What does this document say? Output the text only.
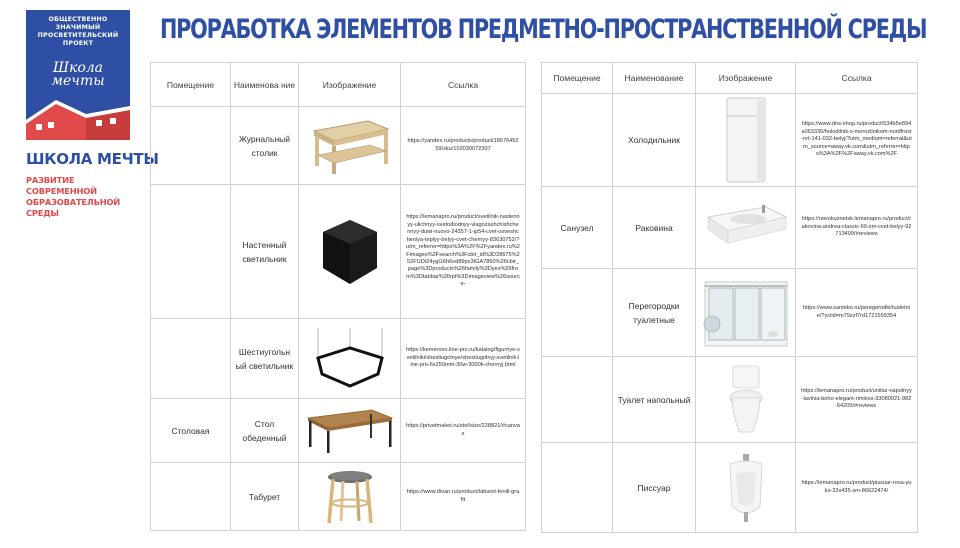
ОБЩЕСТВЕННО ЗНАЧИМЫЙ ПРОСВЕТИТЕЛЬСКИЙ ПРОЕКТ
Школа мечты
ШКОЛА МЕЧТЫ
РАЗВИТИЕ СОВРЕМЕННОЙ ОБРАЗОВАТЕЛЬНОЙ СРЕДЫ
ПРОРАБОТКА ЭЛЕМЕНТОВ ПРЕДМЕТНО-ПРОСТРАНСТВЕННОЙ СРЕДЫ
Помещение	Наименова ние	Изображение	Ссылка
	Журнальный столик		https://yandex.ru/products/product/1867645259/sku/102030072307
	Настенный светильник		https://lemanapro.ru/product/svetilnik-nastennyy-ulichnyy-svetodiodnyy-vlagozashchishchennyy-duwi-nuovo-24357-1-ip54-cvet-osveshcheniya-teplyy-belyy-cvet-chernyy-83630752/?utm_referrer=https%3A%2F%2Fyandex.ru%2Fimages%2Fsearch%3Fcbir_id%3D28675%252FUDt24ygG6h6od89px3IGA7860%26cbir_page%3Dproducts%26family%3Dyes%26from%3Dtabbar%26rpt%3Dimageview%26source-
	Шестиугольн ый светильник		https://kemerovo.line-pro.ru/katalog/figurnye-svetilniki/shestiugolnye/shestiugolnyj-svetilnik-line-pro-6x250mm-30w-3000k-chernyj.html
Столовая	Стол обеденный		https://privetmaket.ru/stol/size/228821/#canvas
	Табурет		https://www.divan.ru/product/taburet-fenili-grafit
Помещение	Наименование	Изображение	Ссылка
	Холодильник		https://www.dns-shop.ru/product/534b5e894a063330/holodilnik-s-morozilnikom-nordfrost-nrt-141-032-belyj/?utm_medium=referral&utm_source=away.vk.com&utm_referrer=https%3A%2F%2Faway.vk.com%2F
Санузел	Раковина		https://novokuznetsk.lemanapro.ru/product/rakovina-andrea-classic-60-sm-cvet-belyy-92713409/#reviews
	Перегородки туалетные		https://www.santeko.ru/peregorodki/tualetnie/?yclid=m79zzf7rd1721559354
	Туалет напольный		https://lemanapro.ru/product/unitaz-napolnyy-lavinia-boho-elegant-rimless-33080021-98264205/#reviews
	Писсуар		https://lemanapro.ru/product/pissuar-rosa-yuks-32x435-sm-86622474/
